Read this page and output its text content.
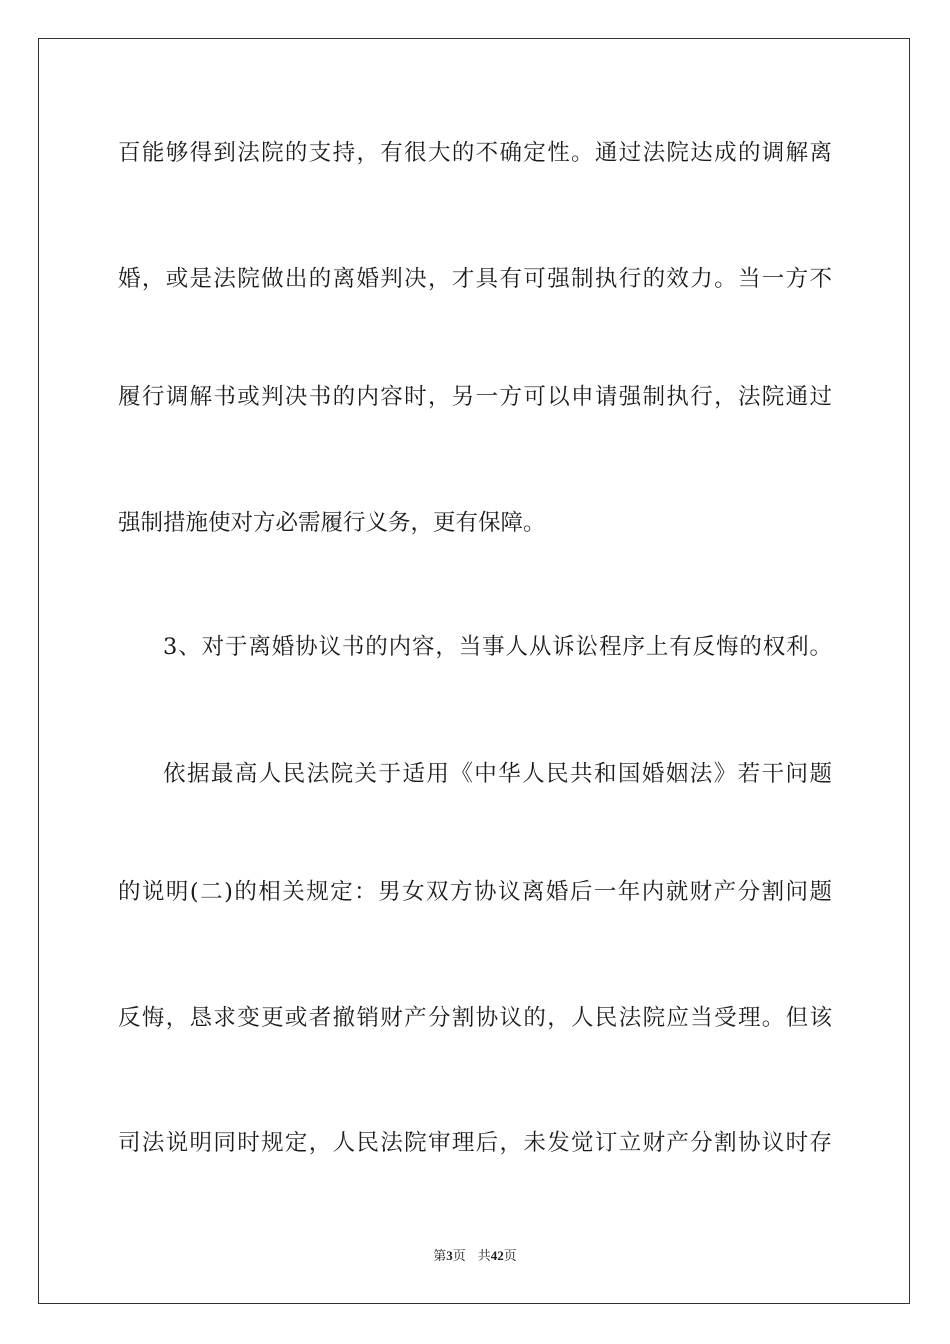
百能够得到法院的支持，有很大的不确定性。通过法院达成的调解离
婚，或是法院做出的离婚判决，才具有可强制执行的效力。当一方不
履行调解书或判决书的内容时，另一方可以申请强制执行，法院通过
强制措施使对方必需履行义务，更有保障。
3、对于离婚协议书的内容，当事人从诉讼程序上有反悔的权利。
依据最高人民法院关于适用《中华人民共和国婚姻法》若干问题
的说明(二)的相关规定：男女双方协议离婚后一年内就财产分割问题
反悔，恳求变更或者撤销财产分割协议的，人民法院应当受理。但该
司法说明同时规定，人民法院审理后，未发觉订立财产分割协议时存
第3页 共42页
